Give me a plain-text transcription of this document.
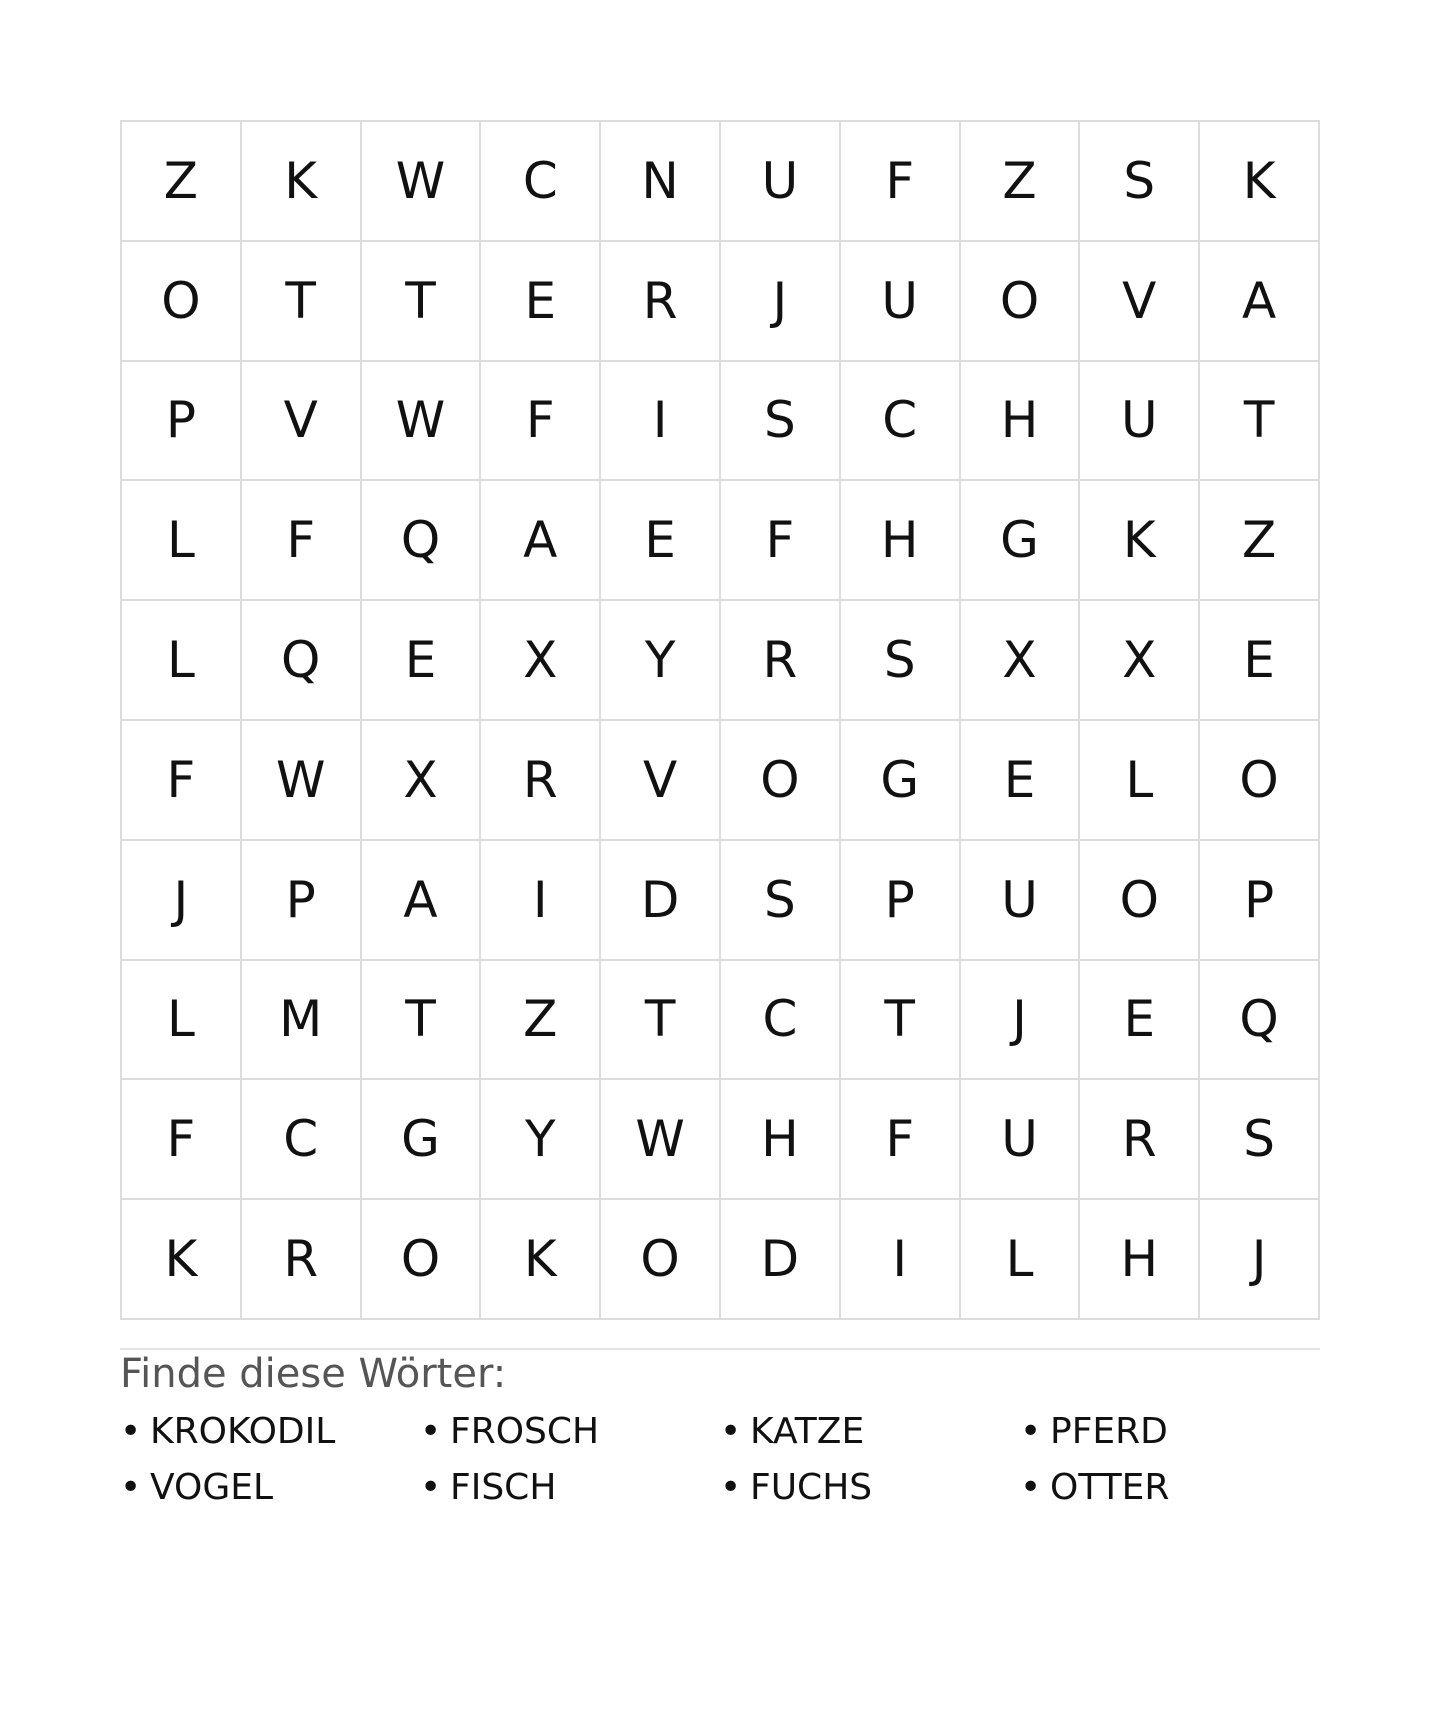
Z	K	W	C	N	U	F	Z	S	K
O	T	T	E	R	J	U	O	V	A
P	V	W	F	I	S	C	H	U	T
L	F	Q	A	E	F	H	G	K	Z
L	Q	E	X	Y	R	S	X	X	E
F	W	X	R	V	O	G	E	L	O
J	P	A	I	D	S	P	U	O	P
L	M	T	Z	T	C	T	J	E	Q
F	C	G	Y	W	H	F	U	R	S
K	R	O	K	O	D	I	L	H	J
Finde diese Wörter:
• KROKODIL	• FROSCH	• KATZE	• PFERD
• VOGEL	• FISCH	• FUCHS	• OTTER
